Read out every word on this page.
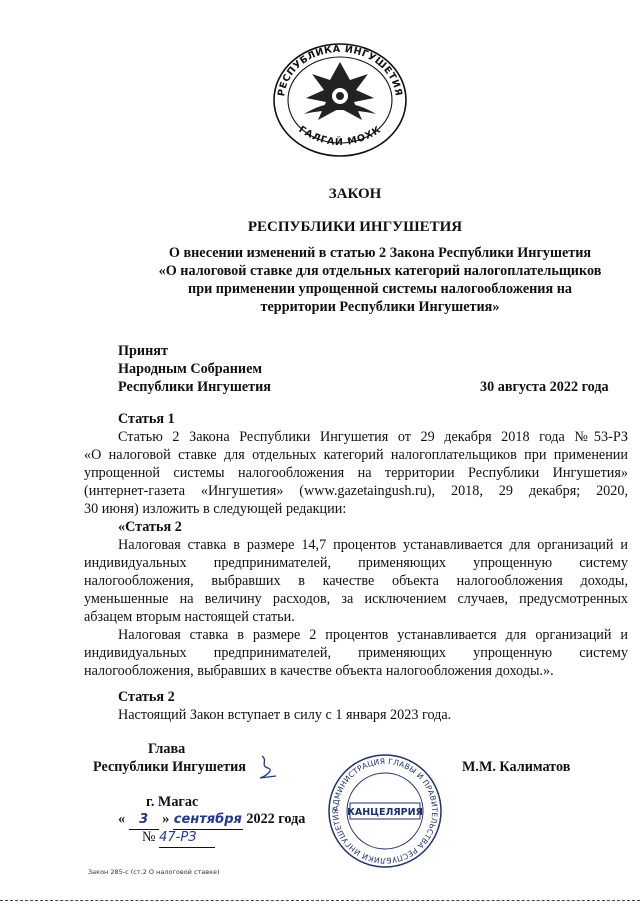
РЕСПУБЛИКА ИНГУШЕТИЯ
ГАЛГАЙ МОХК
ЗАКОН
РЕСПУБЛИКИ ИНГУШЕТИЯ
О внесении изменений в статью 2 Закона Республики Ингушетия
«О налоговой ставке для отдельных категорий налогоплательщиков
при применении упрощенной системы налогообложения на
территории Республики Ингушетия»
Принят
Народным Собранием
Республики Ингушетия	30 августа 2022 года
Статья 1
Статью 2 Закона Республики Ингушетия от 29 декабря 2018 года №53-РЗ
«О налоговой ставке для отдельных категорий налогоплательщиков при применении
упрощенной системы налогообложения на территории Республики Ингушетия»
(интернет-газета «Ингушетия» (www.gazetaingush.ru), 2018, 29 декабря; 2020,
30 июня) изложить в следующей редакции:
«Статья 2
Налоговая ставка в размере 14,7 процентов устанавливается для организаций и
индивидуальных предпринимателей, применяющих упрощенную систему
налогообложения, выбравших в качестве объекта налогообложения доходы,
уменьшенные на величину расходов, за исключением случаев, предусмотренных
абзацем вторым настоящей статьи.
Налоговая ставка в размере 2 процентов устанавливается для организаций и
индивидуальных предпринимателей, применяющих упрощенную систему
налогообложения, выбравших в качестве объекта налогообложения доходы.».
Статья 2
Настоящий Закон вступает в силу с 1 января 2023 года.
Глава
Республики Ингушетия	М.М. Калиматов
АДМИНИСТРАЦИЯ ГЛАВЫ И ПРАВИТЕЛЬСТВА РЕСПУБЛИКИ ИНГУШЕТИЯ КАНЦЕЛЯРИЯ
г. Магас
« 3 » сентября 2022 года
№ 47-РЗ
Закон 285-с (ст.2 О налоговой ставке)
